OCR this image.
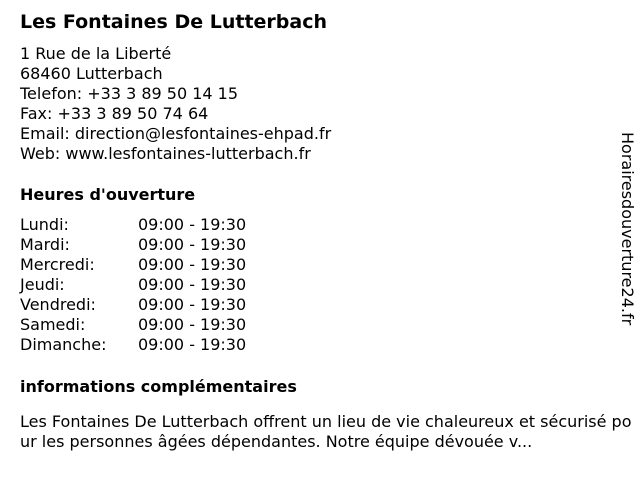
Les Fontaines De Lutterbach
1 Rue de la Liberté
68460 Lutterbach
Telefon: +33 3 89 50 14 15
Fax: +33 3 89 50 74 64
Email: direction@lesfontaines-ehpad.fr
Web: www.lesfontaines-lutterbach.fr
Heures d'ouverture
Lundi:	09:00 - 19:30
Mardi:	09:00 - 19:30
Mercredi:	09:00 - 19:30
Jeudi:	09:00 - 19:30
Vendredi:	09:00 - 19:30
Samedi:	09:00 - 19:30
Dimanche:	09:00 - 19:30
informations complémentaires
Les Fontaines De Lutterbach offrent un lieu de vie chaleureux et sécurisé pour les personnes âgées dépendantes. Notre équipe dévouée v...
Horairesdouverture24.fr
